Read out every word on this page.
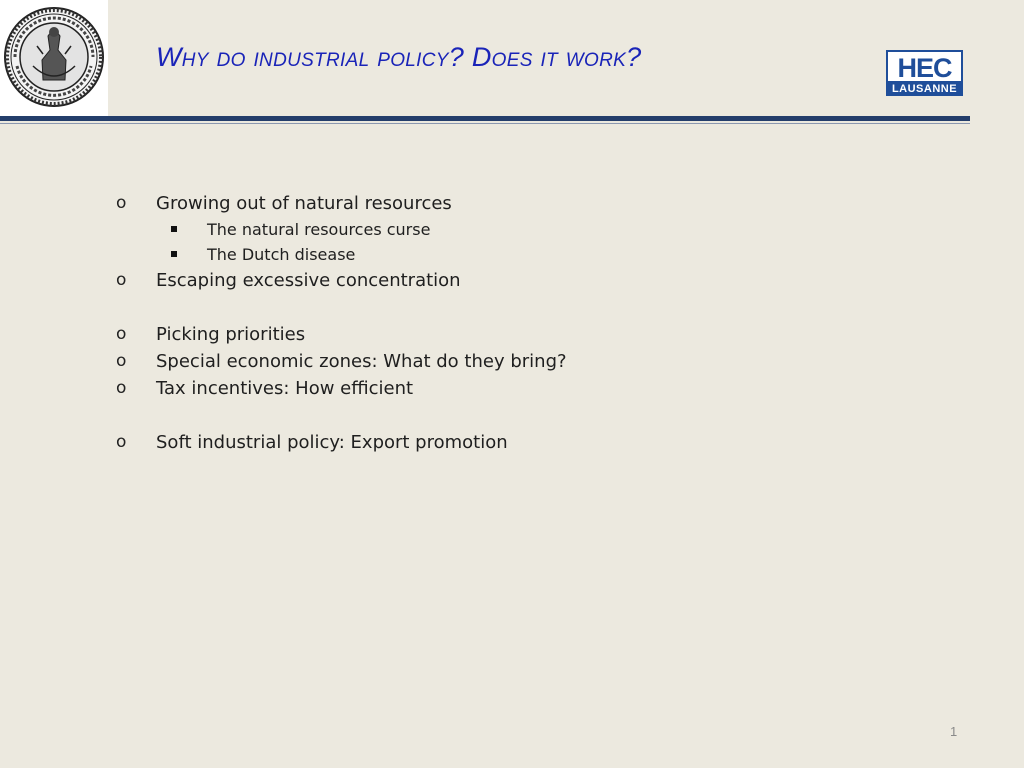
Why do industrial policy? Does it work?	HEC
LAUSANNE
o Growing out of natural resources
The natural resources curse
The Dutch disease
o Escaping excessive concentration
o Picking priorities
o Special economic zones: What do they bring?
o Tax incentives: How efficient
o Soft industrial policy: Export promotion
1
